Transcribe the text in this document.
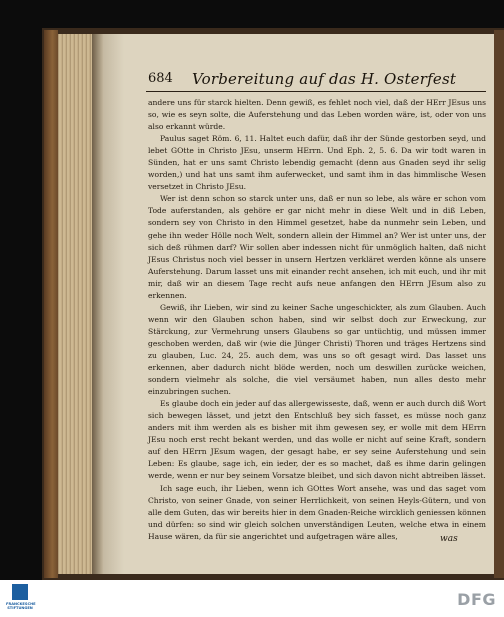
684 Vorbereitung auf das H. Osterfest

andere uns für starck hielten. Denn gewiß, es fehlet noch viel, daß der HErr JEsus uns so, wie es seyn solte, die Auferstehung und das Leben worden wäre, ist, oder von uns also erkannt würde.

Paulus saget Röm. 6, 11. Haltet euch dafür, daß ihr der Sünde gestorben seyd, und lebet GOtte in Christo JEsu, unserm HErrn. Und Eph. 2, 5. 6. Da wir todt waren in Sünden, hat er uns samt Christo lebendig gemacht (denn aus Gnaden seyd ihr selig worden,) und hat uns samt ihm auferwecket, und samt ihm in das himmlische Wesen versetzet in Christo JEsu.

Wer ist denn schon so starck unter uns, daß er nun so lebe, als wäre er schon vom Tode auferstanden, als gehöre er gar nicht mehr in diese Welt und in diß Leben, sondern sey von Christo in den Himmel gesetzet, habe da nunmehr sein Leben, und gehe ihn weder Hölle noch Welt, sondern allein der Himmel an? Wer ist unter uns, der sich deß rühmen darf? Wir sollen aber indessen nicht für unmöglich halten, daß nicht JEsus Christus noch viel besser in unsern Hertzen verkläret werden könne als unsere Auferstehung. Darum lasset uns mit einander recht ansehen, ich mit euch, und ihr mit mir, daß wir an diesem Tage recht aufs neue anfangen den HErrn JEsum also zu erkennen.

Gewiß, ihr Lieben, wir sind zu keiner Sache ungeschickter, als zum Glauben. Auch wenn wir den Glauben schon haben, sind wir selbst doch zur Erweckung, zur Stärckung, zur Vermehrung unsers Glaubens so gar untüchtig, und müssen immer geschoben werden, daß wir (wie die Jünger Christi) Thoren und träges Hertzens sind zu glauben, Luc. 24, 25. auch dem, was uns so oft gesagt wird. Das lasset uns erkennen, aber dadurch nicht blöde werden, noch um deswillen zurücke weichen, sondern vielmehr als solche, die viel versäumet haben, nun alles desto mehr einzubringen suchen.

Es glaube doch ein jeder auf das allergewisseste, daß, wenn er auch durch diß Wort sich bewegen lässet, und jetzt den Entschluß bey sich fasset, es müsse noch ganz anders mit ihm werden als es bisher mit ihm gewesen sey, er wolle mit dem HErrn JEsu noch erst recht bekant werden, und das wolle er nicht auf seine Kraft, sondern auf den HErrn JEsum wagen, der gesagt habe, er sey seine Auferstehung und sein Leben: Es glaube, sage ich, ein ieder, der es so machet, daß es ihme darin gelingen werde, wenn er nur bey seinem Vorsatze bleibet, und sich davon nicht abtreiben lässet.

Ich sage euch, ihr Lieben, wenn ich GOttes Wort ansehe, was und das saget vom Christo, von seiner Gnade, von seiner Herrlichkeit, von seinen Heyls-Gütern, und von alle dem Guten, das wir bereits hier in dem Gnaden-Reiche wircklich geniessen können und dürfen: so sind wir gleich solchen unverständigen Leuten, welche etwa in einem Hause wären, da für sie angerichtet und aufgetragen wäre alles,	was
FRANCKESCHE STIFTUNGEN	DFG
